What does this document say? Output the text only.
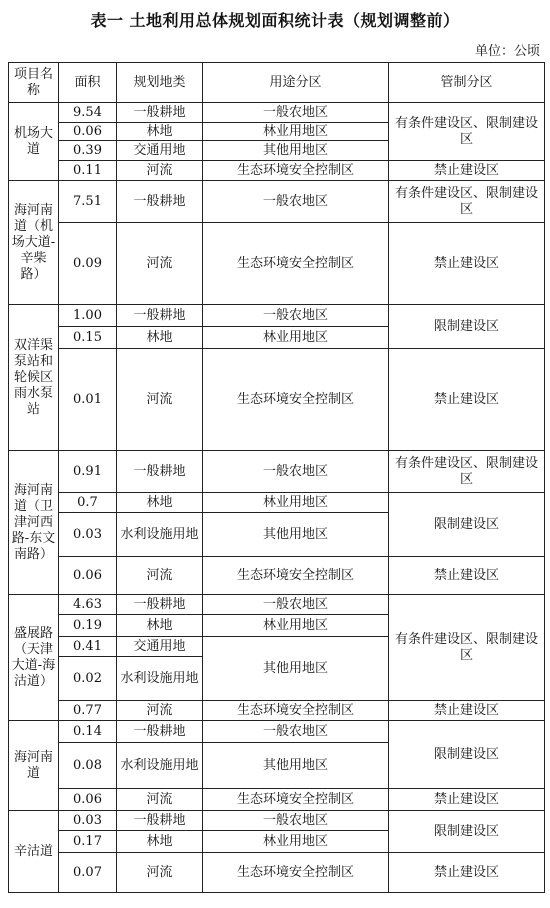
表一 土地利用总体规划面积统计表（规划调整前）
单位：公顷
项目名称	面积	规划地类	用途分区	管制分区
机场大道	9.54	一般耕地	一般农地区	有条件建设区、限制建设区
	0.06	林地	林业用地区	
	0.39	交通用地	其他用地区	
	0.11	河流	生态环境安全控制区	禁止建设区
海河南道（机场大道-辛柴路）	7.51	一般耕地	一般农地区	有条件建设区、限制建设区
	0.09	河流	生态环境安全控制区	禁止建设区
双洋渠泵站和轮候区雨水泵站	1.00	一般耕地	一般农地区	限制建设区
	0.15	林地	林业用地区	
	0.01	河流	生态环境安全控制区	禁止建设区
海河南道（卫津河西路-东文南路）	0.91	一般耕地	一般农地区	有条件建设区、限制建设区
	0.7	林地	林业用地区	限制建设区
	0.03	水利设施用地	其他用地区	
	0.06	河流	生态环境安全控制区	禁止建设区
盛展路（天津大道-海沽道）	4.63	一般耕地	一般农地区	有条件建设区、限制建设区
	0.19	林地	林业用地区	
	0.41	交通用地	其他用地区	
	0.02	水利设施用地		
	0.77	河流	生态环境安全控制区	禁止建设区
海河南道	0.14	一般耕地	一般农地区	限制建设区
	0.08	水利设施用地	其他用地区	
	0.06	河流	生态环境安全控制区	禁止建设区
辛沽道	0.03	一般耕地	一般农地区	限制建设区
	0.17	林地	林业用地区	
	0.07	河流	生态环境安全控制区	禁止建设区
